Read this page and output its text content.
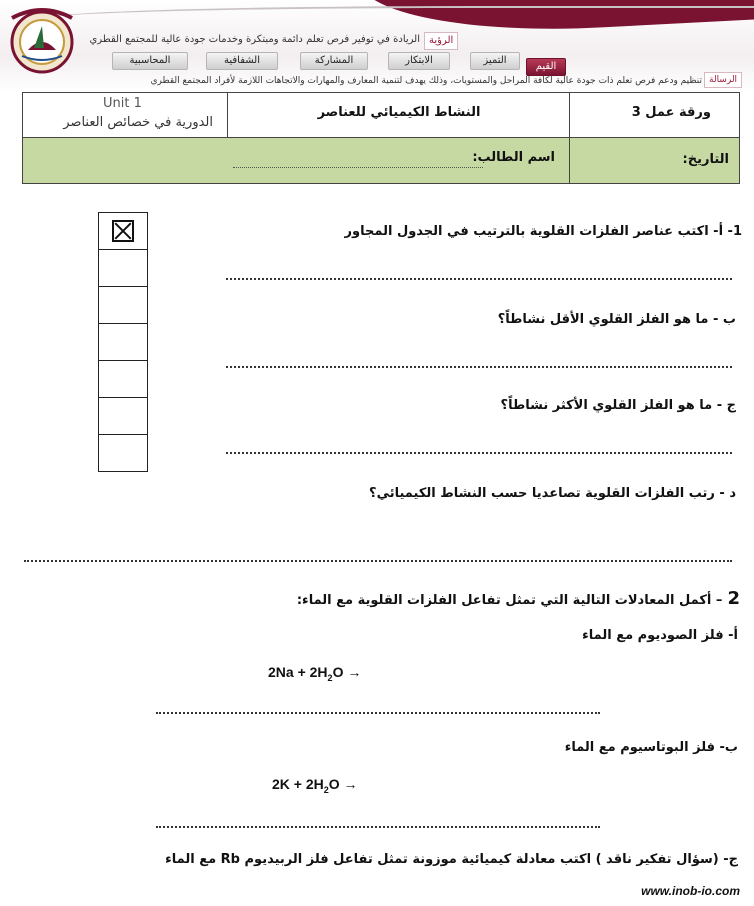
الرؤية
الريادة في توفير فرص تعلم دائمة ومبتكرة وخدمات جودة عالية للمجتمع القطري
القيم
التميز
الابتكار
المشاركة
الشفافية
المحاسبية
الرسالة
تنظيم ودعم فرص تعلم ذات جودة عالية لكافة المراحل والمستويات، وذلك يهدف لتنمية المعارف والمهارات والاتجاهات اللازمة لأفراد المجتمع القطري
ورقة عمل 3
النشاط الكيميائي للعناصر
Unit 1
الدورية في خصائص العناصر
التاريخ:
اسم الطالب:
1- أ- اكتب عناصر الفلزات القلوية بالترتيب في الجدول المجاور
ب - ما هو الفلز القلوي الأقل نشاطاً؟
ج - ما هو الفلز القلوي الأكثر نشاطاً؟
د - رتب الفلزات القلوية تصاعديا حسب النشاط الكيميائي؟
2 – أكمل المعادلات التالية التي تمثل تفاعل الفلزات القلوية مع الماء:
أ- فلز الصوديوم مع الماء
$2Na + 2H_2O$ →
ب- فلز البوتاسيوم مع الماء
$2K + 2H_2O$ →
ج- (سؤال تفكير ناقد ) اكتب معادلة كيميائية موزونة تمثل تفاعل فلز الربيديوم Rb مع الماء
www.inob-io.com
